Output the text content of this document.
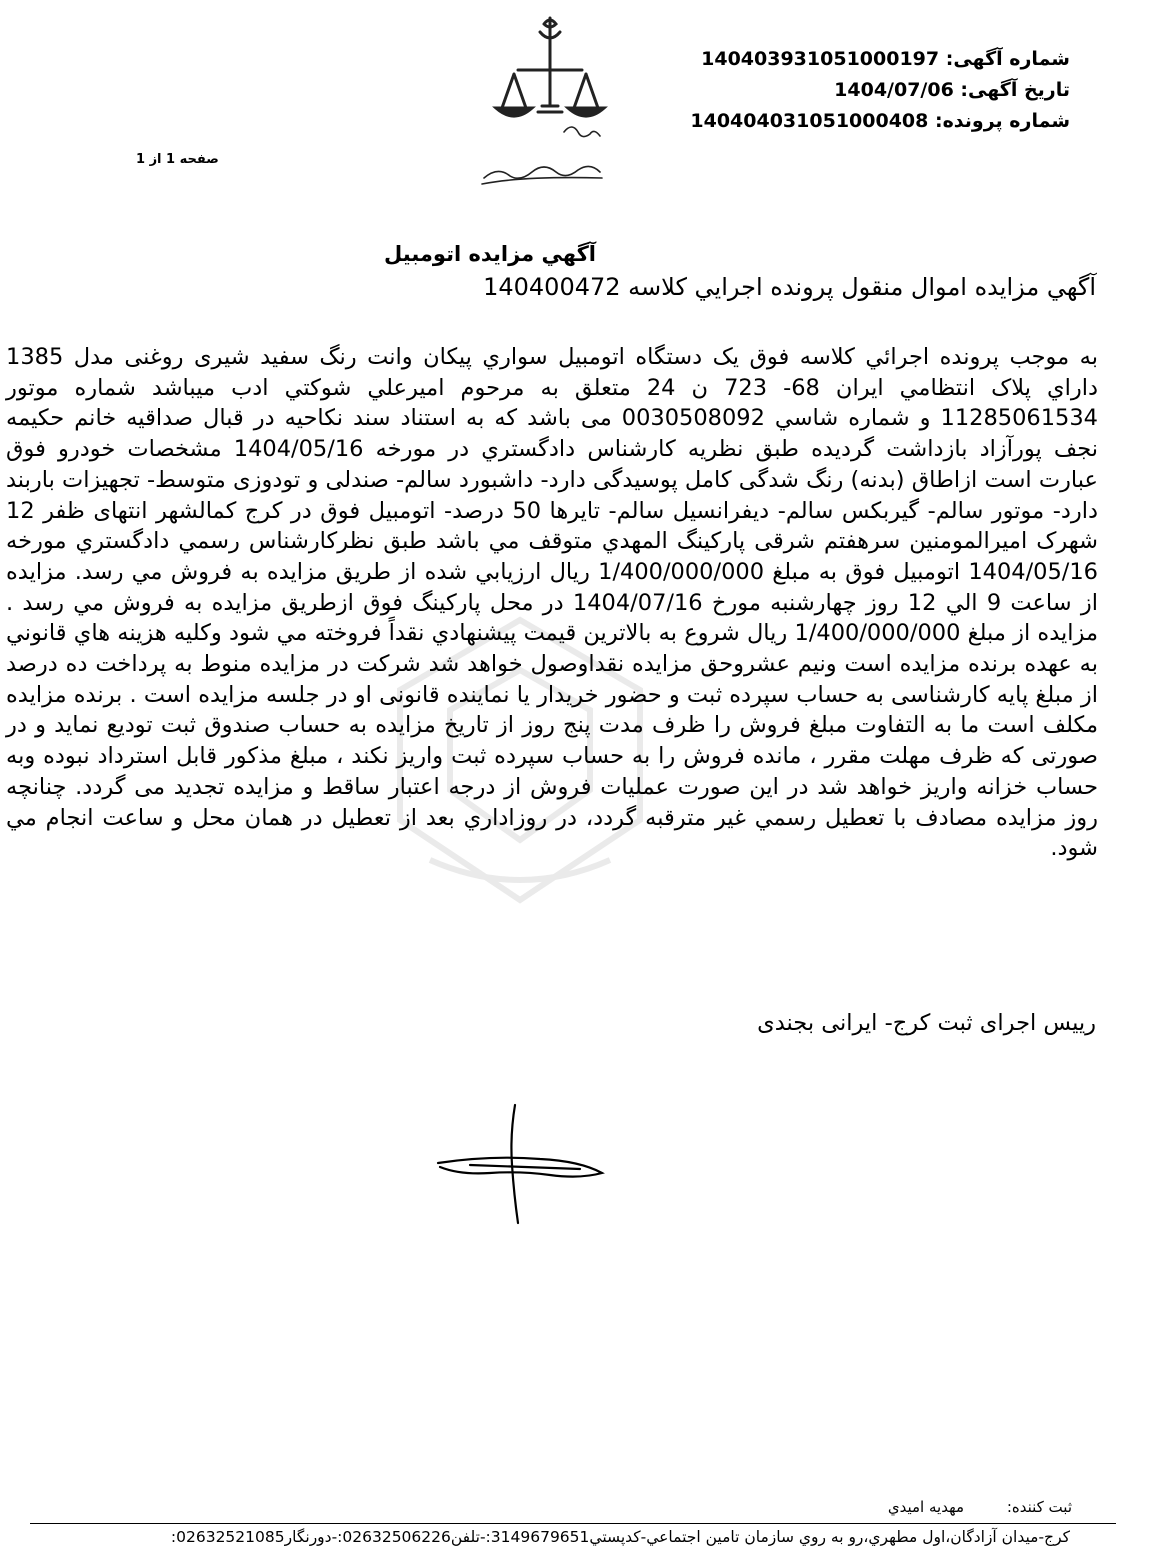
شماره آگهی: 140403931051000197
تاریخ آگهی: 1404/07/06
شماره پرونده: 140404031051000408
صفحه 1 از 1
آگهي مزايده اتومبيل
آگهي مزايده اموال منقول پرونده اجرايي كلاسه 140400472
به موجب پرونده اجرائي كلاسه فوق يک دستگاه اتومبيل سواري پيكان وانت رنگ سفيد شيری روغنی مدل 1385 داراي پلاک انتظامي ايران 68- 723 ن 24 متعلق به مرحوم اميرعلي شوكتي ادب ميباشد شماره موتور 11285061534 و شماره شاسي 0030508092 می باشد که به استناد سند نكاحيه در قبال صداقيه خانم حكيمه نجف پورآزاد بازداشت گرديده طبق نظريه كارشناس دادگستري در مورخه 1404/05/16 مشخصات خودرو فوق عبارت است ازاطاق (بدنه) رنگ شدگی كامل پوسيدگی دارد- داشبورد سالم- صندلی و تودوزی متوسط- تجهيزات باربند دارد- موتور سالم- گيربكس سالم- ديفرانسيل سالم- تايرها 50 درصد- اتومبيل فوق در کرج كمالشهر انتهای ظفر 12 شهرک اميرالمومنين سرهفتم شرقی پاركينگ المهدي متوقف مي باشد طبق نظركارشناس رسمي دادگستري مورخه 1404/05/16 اتومبيل فوق به مبلغ 1/400/000/000 ريال ارزيابي شده از طريق مزايده به فروش مي رسد. مزايده از ساعت 9 الي 12 روز چهارشنبه مورخ 1404/07/16 در محل پاركينگ فوق ازطريق مزايده به فروش مي رسد . مزايده از مبلغ 1/400/000/000 ريال شروع به بالاترين قيمت پيشنهادي نقداً فروخته مي شود وكليه هزينه هاي قانوني به عهده برنده مزايده است ونيم عشروحق مزايده نقداوصول خواهد شد شركت در مزايده منوط به پرداخت ده درصد از مبلغ پايه كارشناسی به حساب سپرده ثبت و حضور خريدار يا نماينده قانونی او در جلسه مزايده است . برنده مزايده مكلف است ما به التفاوت مبلغ فروش را ظرف مدت پنج روز از تاريخ مزايده به حساب صندوق ثبت توديع نمايد و در صورتی كه ظرف مهلت مقرر ، مانده فروش را به حساب سپرده ثبت واريز نكند ، مبلغ مذكور قابل استرداد نبوده وبه حساب خزانه واريز خواهد شد در اين صورت عمليات فروش از درجه اعتبار ساقط و مزايده تجديد می گردد. چنانچه روز مزايده مصادف با تعطيل رسمي غير مترقبه گردد، در روزاداري بعد از تعطيل در همان محل و ساعت انجام مي شود.
رييس اجرای ثبت کرج- ايرانی بجندی
ثبت کننده: مهديه اميدي
کرج-ميدان آزادگان،اول مطهري،رو به روي سازمان تامين اجتماعي-کدپستي3149679651:-تلفن02632506226:-دورنگار02632521085:
